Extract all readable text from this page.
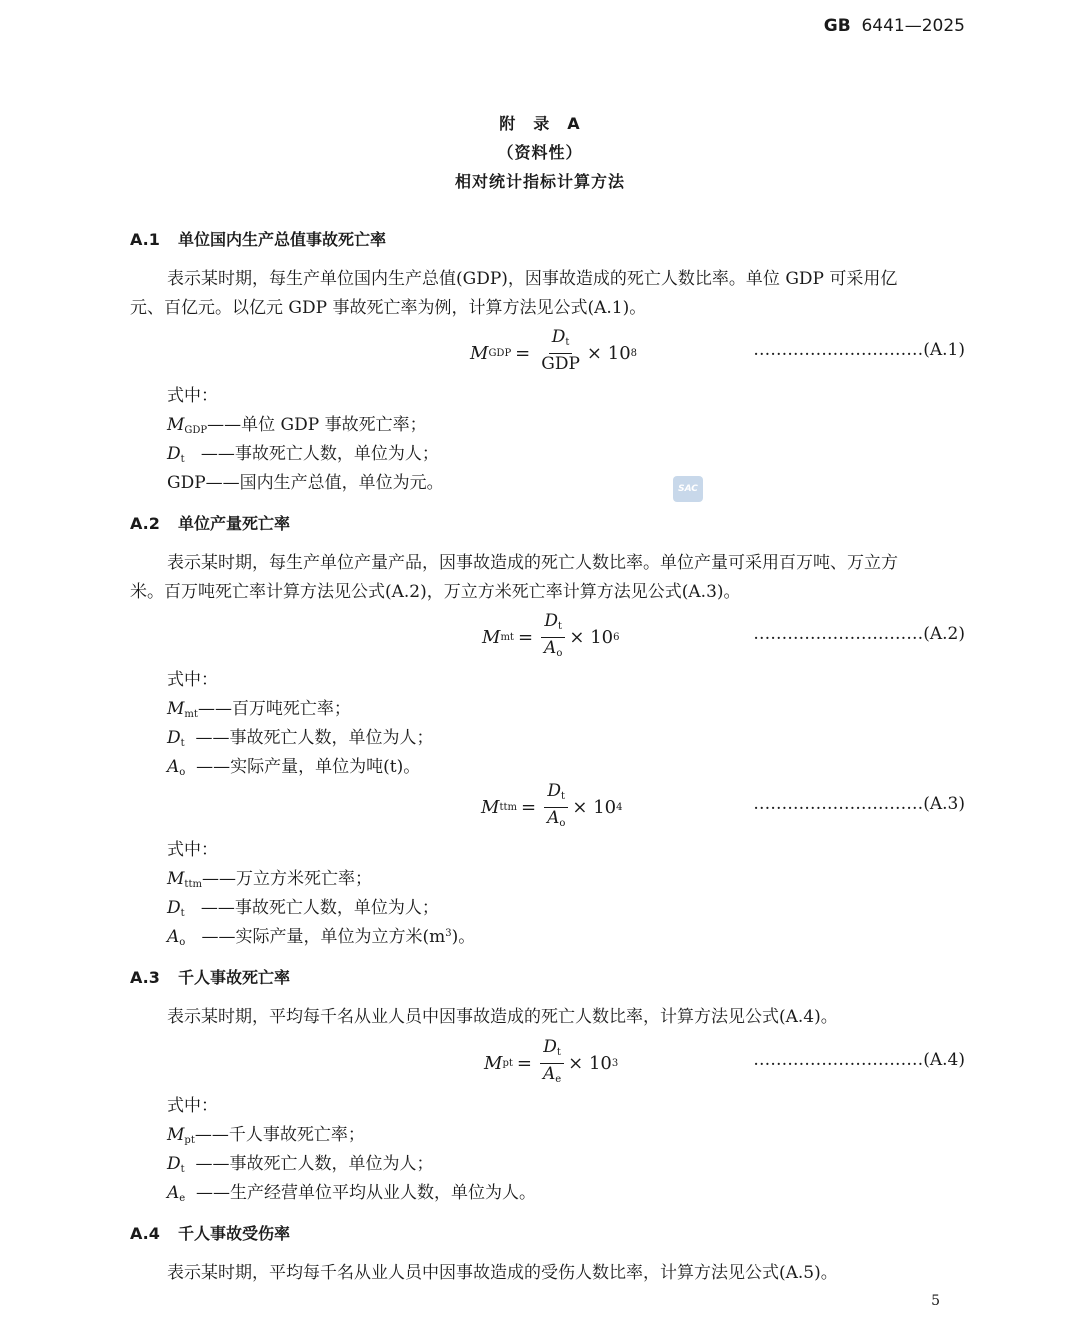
GB 6441—2025
附　录　A
（资料性）
相对统计指标计算方法
A.1 单位国内生产总值事故死亡率
表示某时期，每生产单位国内生产总值(GDP)，因事故造成的死亡人数比率。单位 GDP 可采用亿
元、百亿元。以亿元 GDP 事故死亡率为例，计算方法见公式(A.1)。
M GDP = $\frac{D_t}{\text{GDP}}$ ×
10 8	…………………………(A.1)
式中：
$M_{GDP}——$单位 GDP 事故死亡率；
$D_t$ ——事故死亡人数，单位为人；
GDP——国内生产总值，单位为元。	SAC
A.2 单位产量死亡率
表示某时期，每生产单位产量产品，因事故造成的死亡人数比率。单位产量可采用百万吨、万立方
米。百万吨死亡率计算方法见公式(A.2)，万立方米死亡率计算方法见公式(A.3)。
M mt = $\frac{D_t}{A_o}$ ×
10 6	…………………………(A.2)
式中：
$M_{mt}——$百万吨死亡率；
$D_t$ ——事故死亡人数，单位为人；
$A_o$ ——实际产量，单位为吨(t)。
M ttm = $\frac{D_t}{A_o}$ ×
10 4	…………………………(A.3)
式中：
$M_{ttm}——$万立方米死亡率；
$D_t$ ——事故死亡人数，单位为人；
$A_o$ ——实际产量，单位为立方米$(m^3)$。
A.3 千人事故死亡率
表示某时期，平均每千名从业人员中因事故造成的死亡人数比率，计算方法见公式(A.4)。
M pt = $\frac{D_t}{A_e}$ ×
10 3	…………………………(A.4)
式中：
$M_{pt}——$千人事故死亡率；
$D_t$ ——事故死亡人数，单位为人；
$A_e$ ——生产经营单位平均从业人数，单位为人。
A.4 千人事故受伤率
表示某时期，平均每千名从业人员中因事故造成的受伤人数比率，计算方法见公式(A.5)。
5
